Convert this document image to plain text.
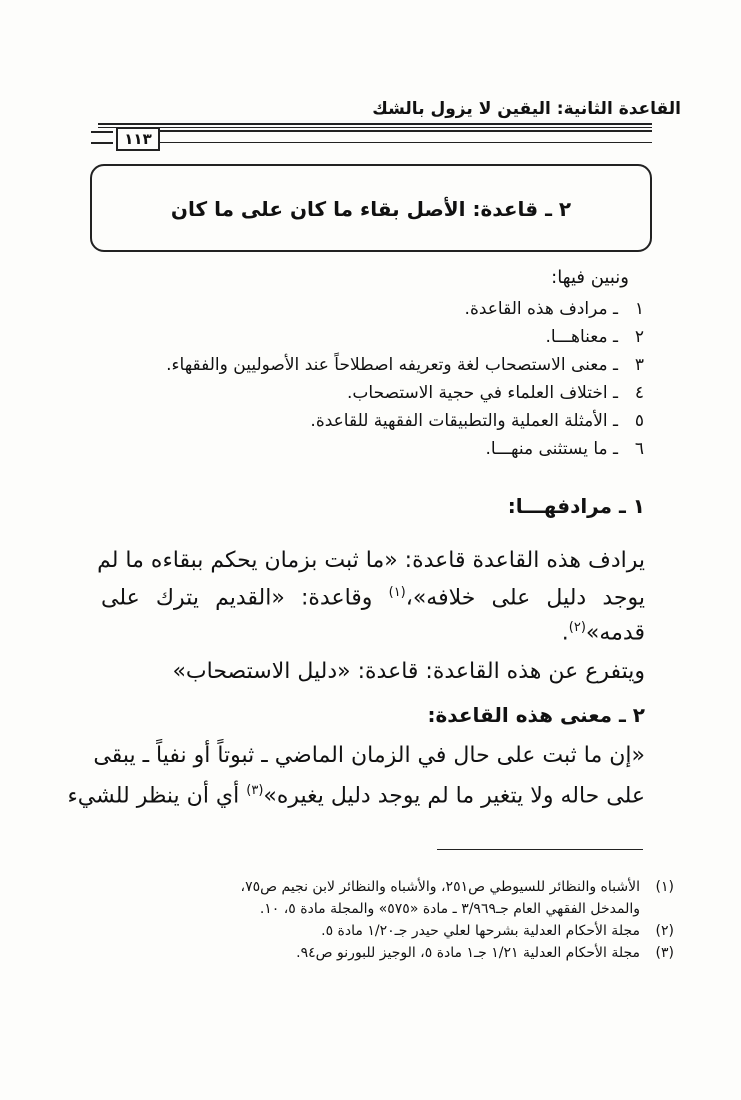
القاعدة الثانية: اليقين لا يزول بالشك
١١٣
٢ ـ قاعدة: الأصل بقاء ما كان على ما كان
ونبين فيها:
١ـ مرادف هذه القاعدة.
٢ـ معناهـــا.
٣ـ معنى الاستصحاب لغة وتعريفه اصطلاحاً عند الأصوليين والفقهاء.
٤ـ اختلاف العلماء في حجية الاستصحاب.
٥ـ الأمثلة العملية والتطبيقات الفقهية للقاعدة.
٦ـ ما يستثنى منهـــا.
١ ـ مرادفهـــا:
يرادف هذه القاعدة قاعدة: «ما ثبت بزمان يحكم ببقاءه ما لم
يوجد دليل على خلافه»،$^{(١)}$ وقاعدة: «القديم يترك على
قدمه»$^{(٢)}$.
ويتفرع عن هذه القاعدة: قاعدة: «دليل الاستصحاب»
٢ ـ معنى هذه القاعدة:
«إن ما ثبت على حال في الزمان الماضي ـ ثبوتاً أو نفياً ـ يبقى
على حاله ولا يتغير ما لم يوجد دليل يغيره»$^{(٣)}$ أي أن ينظر للشيء
(١)الأشباه والنظائر للسيوطي ص٢٥١، والأشباه والنظائر لابن نجيم ص٧٥،
والمدخل الفقهي العام جـ٣/٩٦٩ ـ مادة «٥٧٥» والمجلة مادة ٥، ١٠.
(٢)مجلة الأحكام العدلية بشرحها لعلي حيدر جـ١/٢٠ مادة ٥.
(٣)مجلة الأحكام العدلية ١/٢١ جـ١ مادة ٥، الوجيز للبورنو ص٩٤.
